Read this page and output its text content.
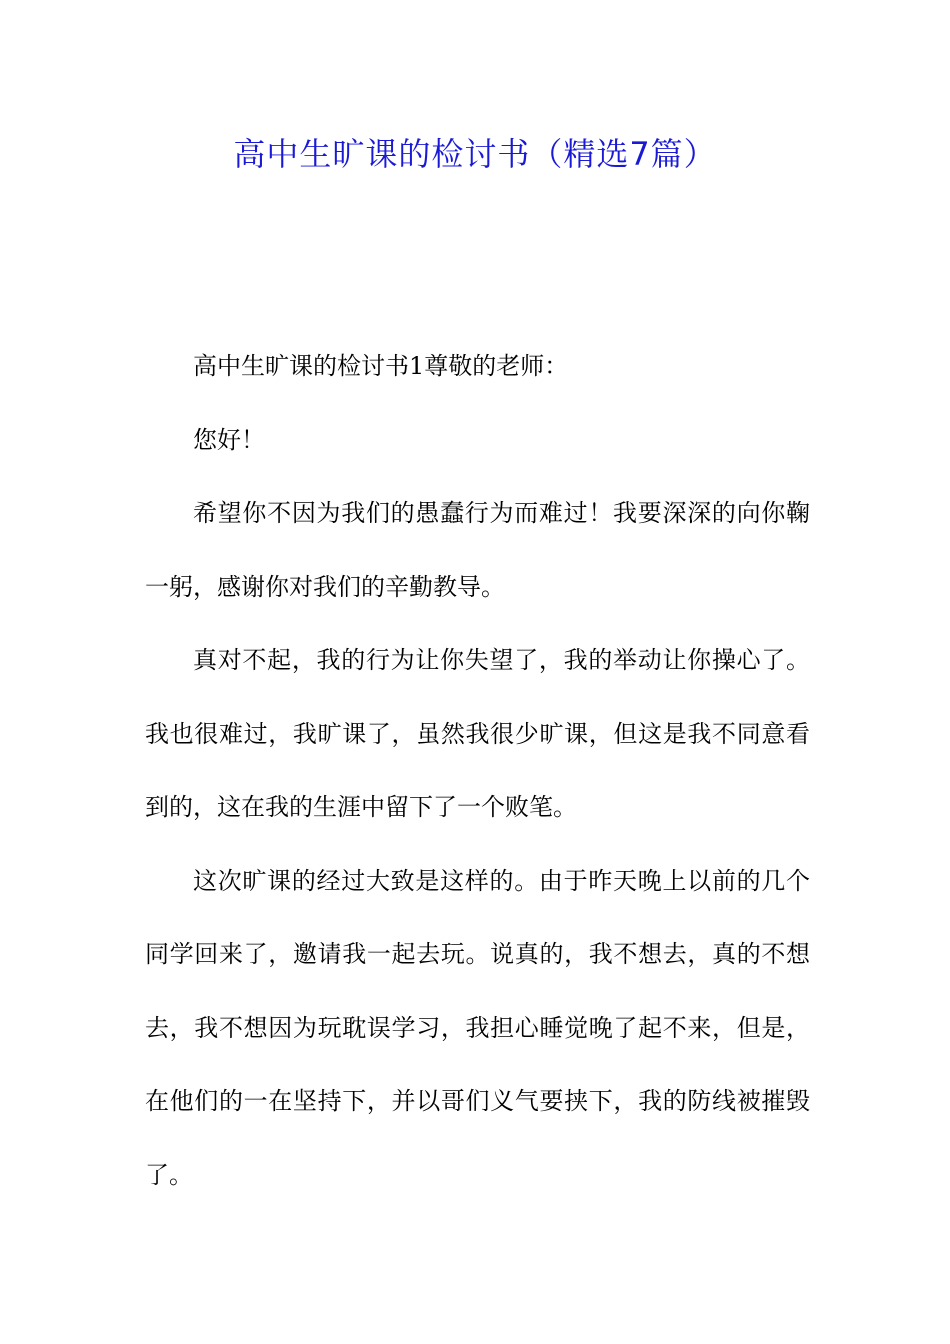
高中生旷课的检讨书（精选7篇）

高中生旷课的检讨书1尊敬的老师：

您好！

希望你不因为我们的愚蠢行为而难过！我要深深的向你鞠一躬，感谢你对我们的辛勤教导。

真对不起，我的行为让你失望了，我的举动让你操心了。我也很难过，我旷课了，虽然我很少旷课，但这是我不同意看到的，这在我的生涯中留下了一个败笔。

这次旷课的经过大致是这样的。由于昨天晚上以前的几个同学回来了，邀请我一起去玩。说真的，我不想去，真的不想去，我不想因为玩耽误学习，我担心睡觉晚了起不来，但是，在他们的一在坚持下，并以哥们义气要挟下，我的防线被摧毁了。
